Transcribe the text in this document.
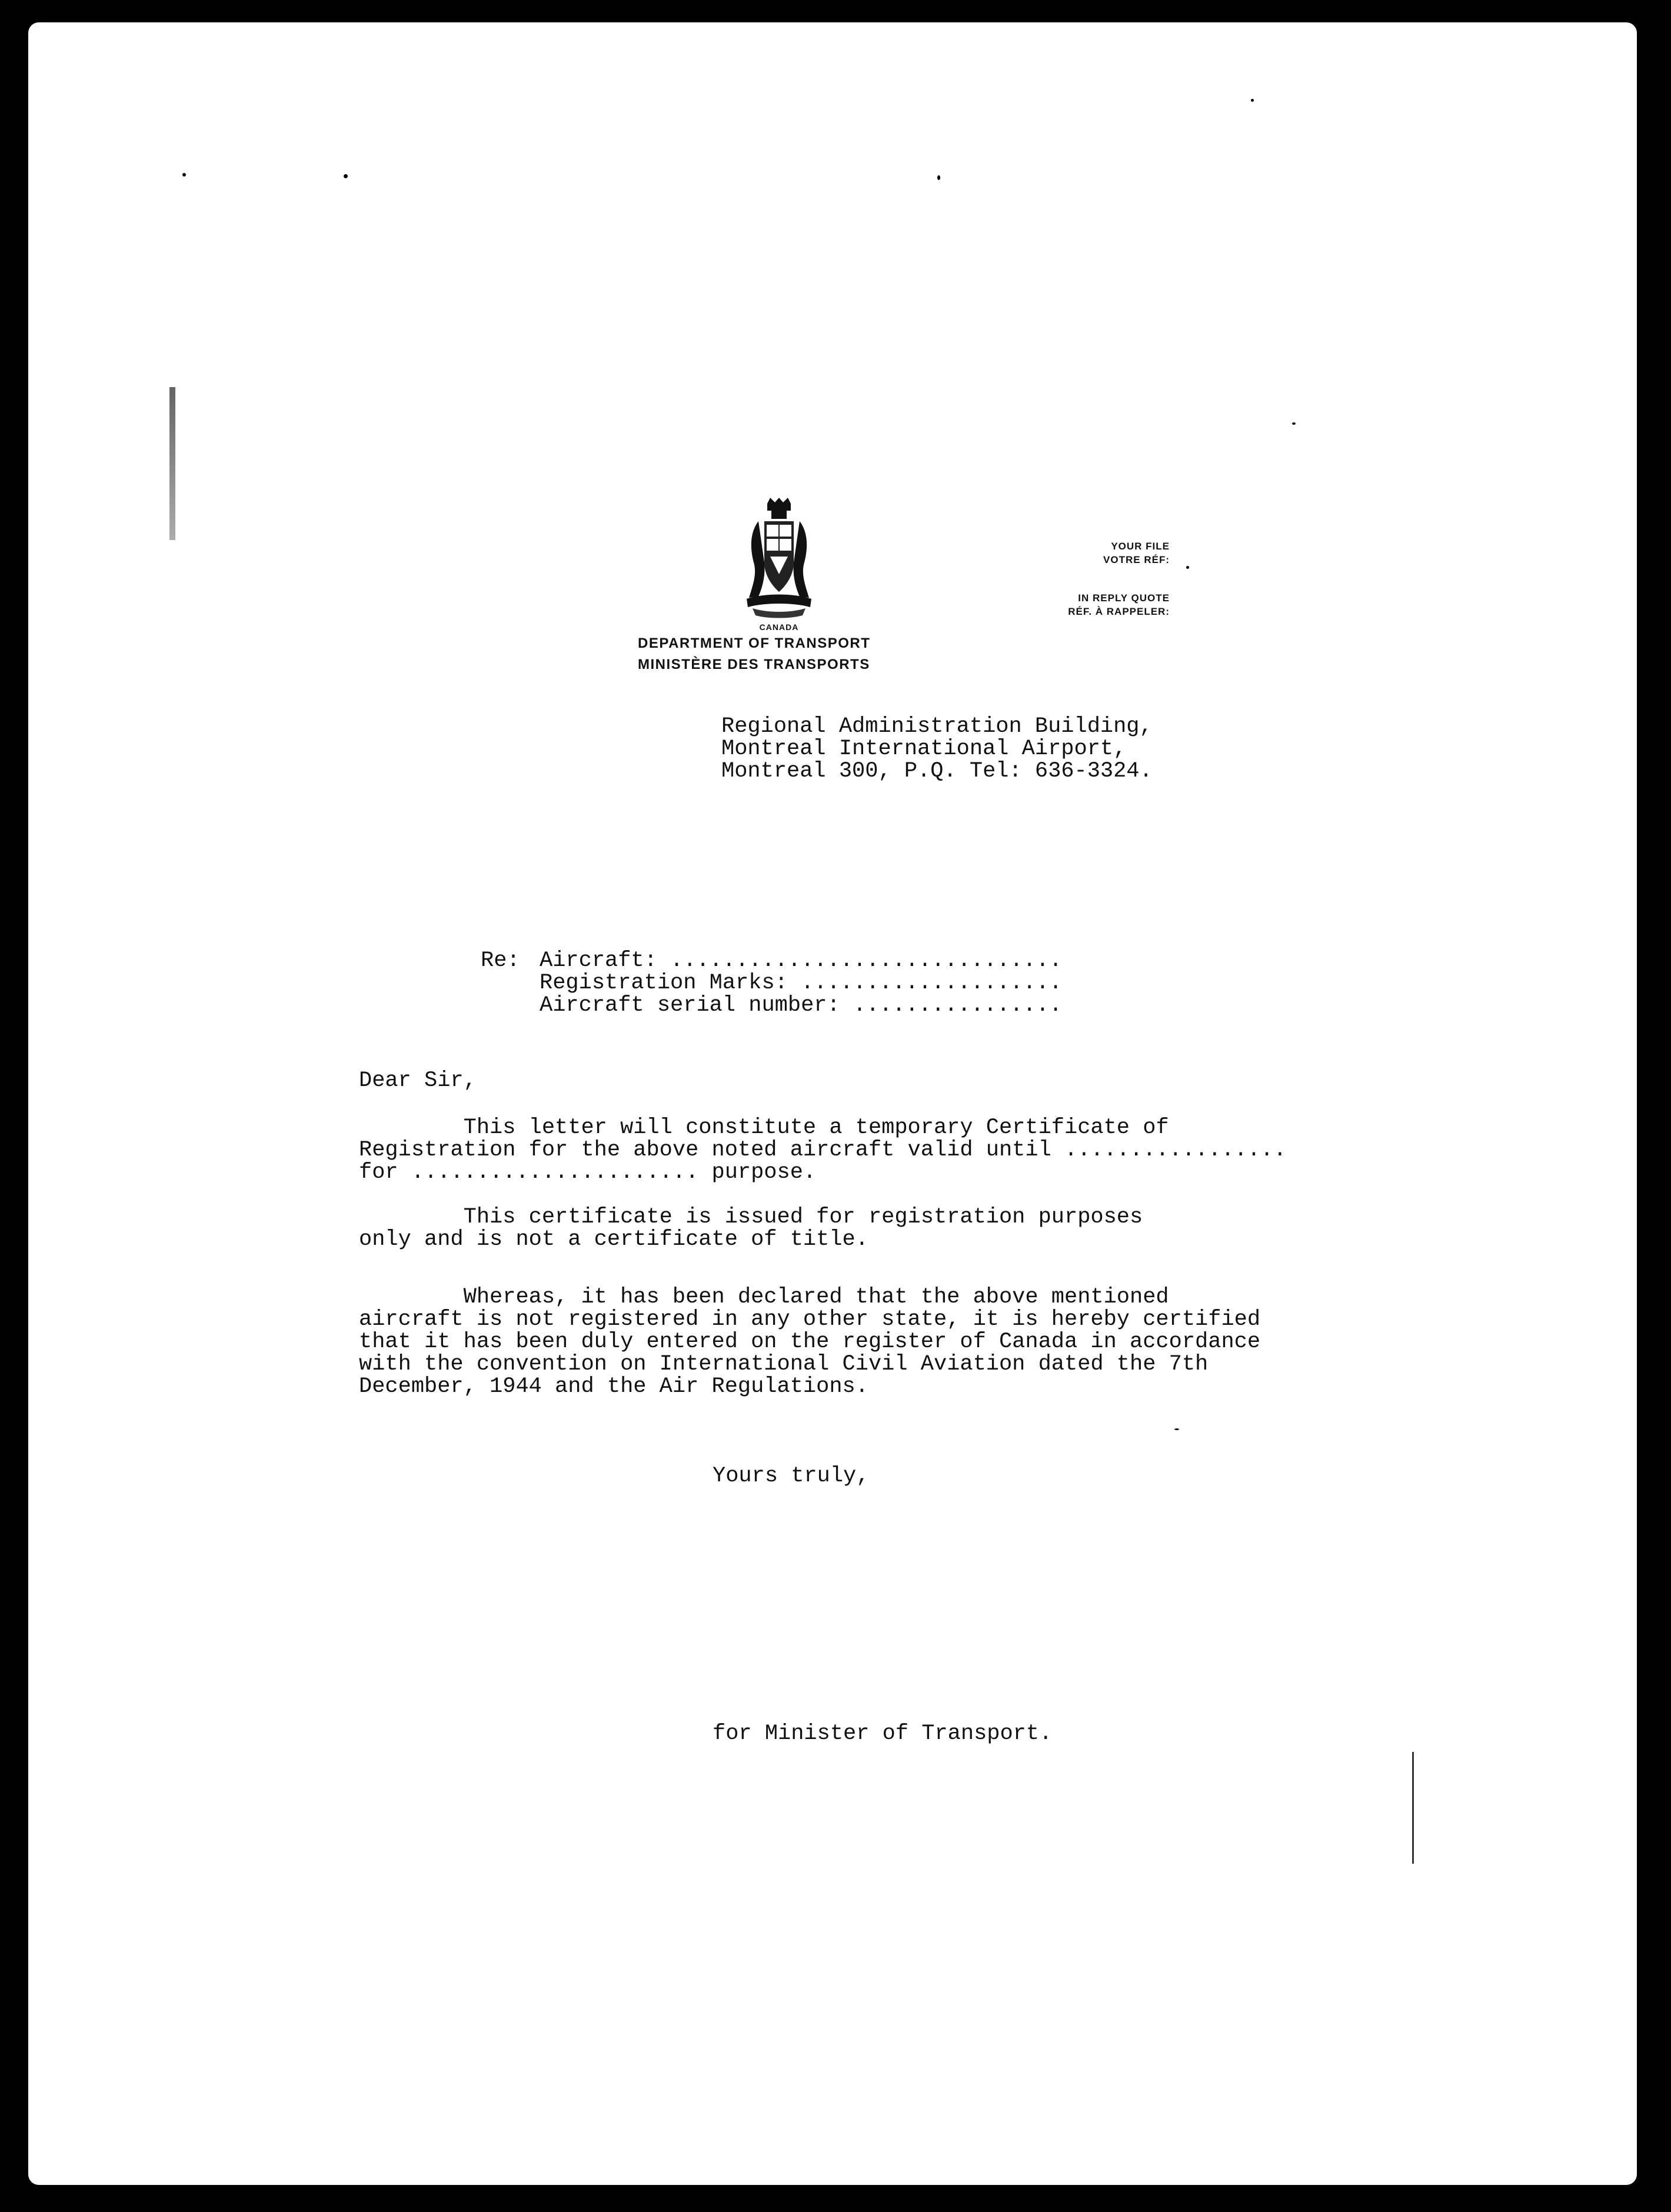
CANADA
DEPARTMENT OF TRANSPORT
MINISTÈRE DES TRANSPORTS
YOUR FILE
VOTRE RÉF:
IN REPLY QUOTE
RÉF. À RAPPELER:
Regional Administration Building,
Montreal International Airport,
Montreal 300, P.Q. Tel: 636-3324.
Re: Aircraft: ..............................
Registration Marks: ....................
Aircraft serial number: ................
Dear Sir,
This letter will constitute a temporary Certificate of
Registration for the above noted aircraft valid until .................
for ...................... purpose.
This certificate is issued for registration purposes
only and is not a certificate of title.
Whereas, it has been declared that the above mentioned
aircraft is not registered in any other state, it is hereby certified
that it has been duly entered on the register of Canada in accordance
with the convention on International Civil Aviation dated the 7th
December, 1944 and the Air Regulations.
Yours truly,
for Minister of Transport.
